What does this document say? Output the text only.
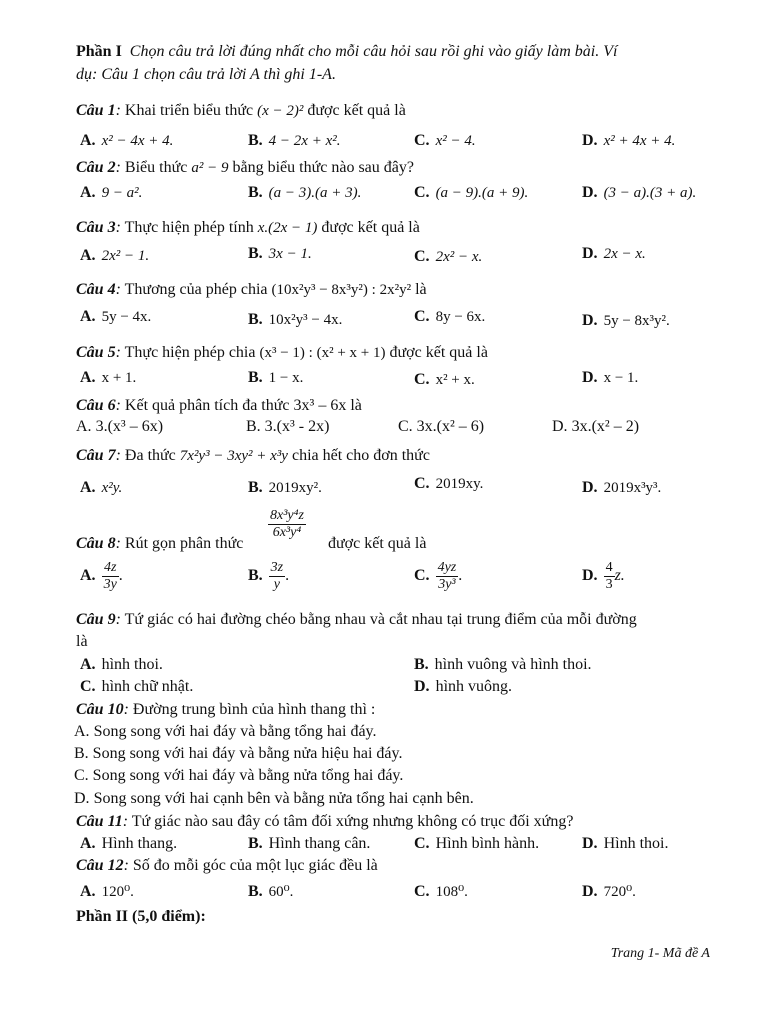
Phần I Chọn câu trả lời đúng nhất cho mỗi câu hỏi sau rồi ghi vào giấy làm bài. Ví
dụ: Câu 1 chọn câu trả lời A thì ghi 1-A.
Câu 1: Khai triển biểu thức (x − 2)² được kết quả là
A. x² − 4x + 4.	B. 4 − 2x + x².	C. x² − 4.	D. x² + 4x + 4.
Câu 2: Biểu thức a² − 9 bằng biểu thức nào sau đây?
A. 9 − a².	B. (a − 3).(a + 3).	C. (a − 9).(a + 9).	D. (3 − a).(3 + a).
Câu 3: Thực hiện phép tính x.(2x − 1) được kết quả là
A. 2x² − 1.	B. 3x − 1.	C. 2x² − x.	D. 2x − x.
Câu 4: Thương của phép chia (10x²y³ − 8x³y²) : 2x²y² là
A. 5y − 4x.	B. 10x²y³ − 4x.	C. 8y − 6x.	D. 5y − 8x³y².
Câu 5: Thực hiện phép chia (x³ − 1) : (x² + x + 1) được kết quả là
A. x + 1.	B. 1 − x.	C. x² + x.	D. x − 1.
Câu 6: Kết quả phân tích đa thức 3x³ – 6x là
A. 3.(x³ – 6x)	B. 3.(x³ - 2x)	C. 3x.(x² – 6)	D. 3x.(x² – 2)
Câu 7: Đa thức 7x²y³ − 3xy² + x³y chia hết cho đơn thức
A. x²y.	B. 2019xy².	C. 2019xy.	D. 2019x³y³.
Câu 8: Rút gọn phân thức
$\frac{\text{8x³y⁴z}}{\text{6x³y⁴}}$
được kết quả là
A. $\frac{4z}{3y}$ .	B. $\frac{3z}{y}$ .	C. $\frac{4yz}{\text{3y³}}$ .	D. $\frac{4}{3} z$.
Câu 9: Tứ giác có hai đường chéo bằng nhau và cắt nhau tại trung điểm của mỗi đường
là
A. hình thoi.	B. hình vuông và hình thoi.
C. hình chữ nhật.	D. hình vuông.
Câu 10: Đường trung bình của hình thang thì :
A. Song song với hai đáy và bằng tổng hai đáy.
B. Song song với hai đáy và bằng nửa hiệu hai đáy.
C. Song song với hai đáy và bằng nửa tổng hai đáy.
D. Song song với hai cạnh bên và bằng nửa tổng hai cạnh bên.
Câu 11: Tứ giác nào sau đây có tâm đối xứng nhưng không có trục đối xứng?
A. Hình thang.	B. Hình thang cân.	C. Hình bình hành.	D. Hình thoi.
Câu 12: Số đo mỗi góc của một lục giác đều là
A. 120⁰.	B. 60⁰.	C. 108⁰.	D. 720⁰.
Phần II (5,0 điểm):
Trang 1- Mã đề A
